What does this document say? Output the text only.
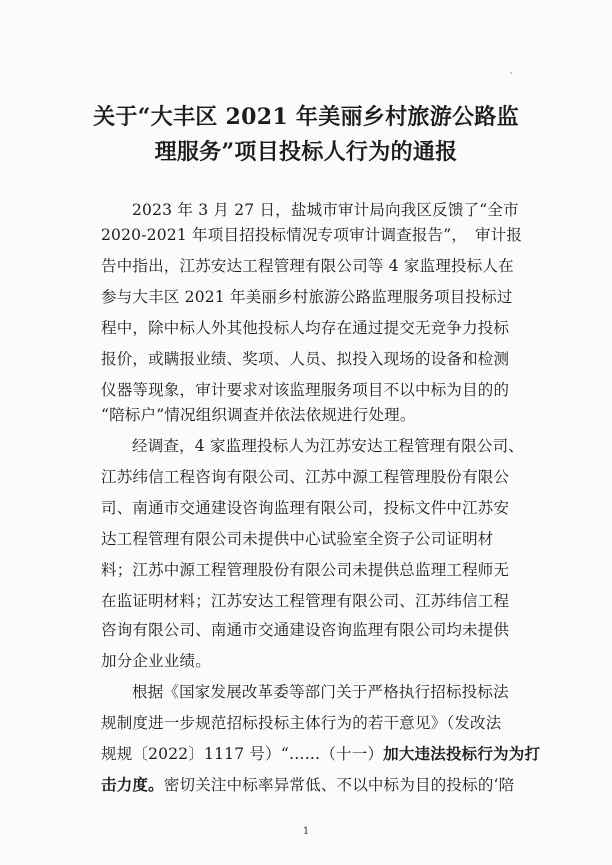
关于“大丰区 2021 年美丽乡村旅游公路监
理服务”项目投标人行为的通报
2023 年 3 月 27 日，盐城市审计局向我区反馈了“全市
2020-2021 年项目招投标情况专项审计调查报告”，　审计报
告中指出，江苏安达工程管理有限公司等 4 家监理投标人在
参与大丰区 2021 年美丽乡村旅游公路监理服务项目投标过
程中，除中标人外其他投标人均存在通过提交无竞争力投标
报价，或瞒报业绩、奖项、人员、拟投入现场的设备和检测
仪器等现象，审计要求对该监理服务项目不以中标为目的的
“陪标户”情况组织调查并依法依规进行处理。
经调查，4 家监理投标人为江苏安达工程管理有限公司、
江苏纬信工程咨询有限公司、江苏中源工程管理股份有限公
司、南通市交通建设咨询监理有限公司，投标文件中江苏安
达工程管理有限公司未提供中心试验室全资子公司证明材
料；江苏中源工程管理股份有限公司未提供总监理工程师无
在监证明材料；江苏安达工程管理有限公司、江苏纬信工程
咨询有限公司、南通市交通建设咨询监理有限公司均未提供
加分企业业绩。
根据《国家发展改革委等部门关于严格执行招标投标法
规制度进一步规范招标投标主体行为的若干意见》（发改法
规规〔2022〕1117 号）“……（十一）加大违法投标行为为打
击力度。密切关注中标率异常低、不以中标为目的投标的‘陪
1
